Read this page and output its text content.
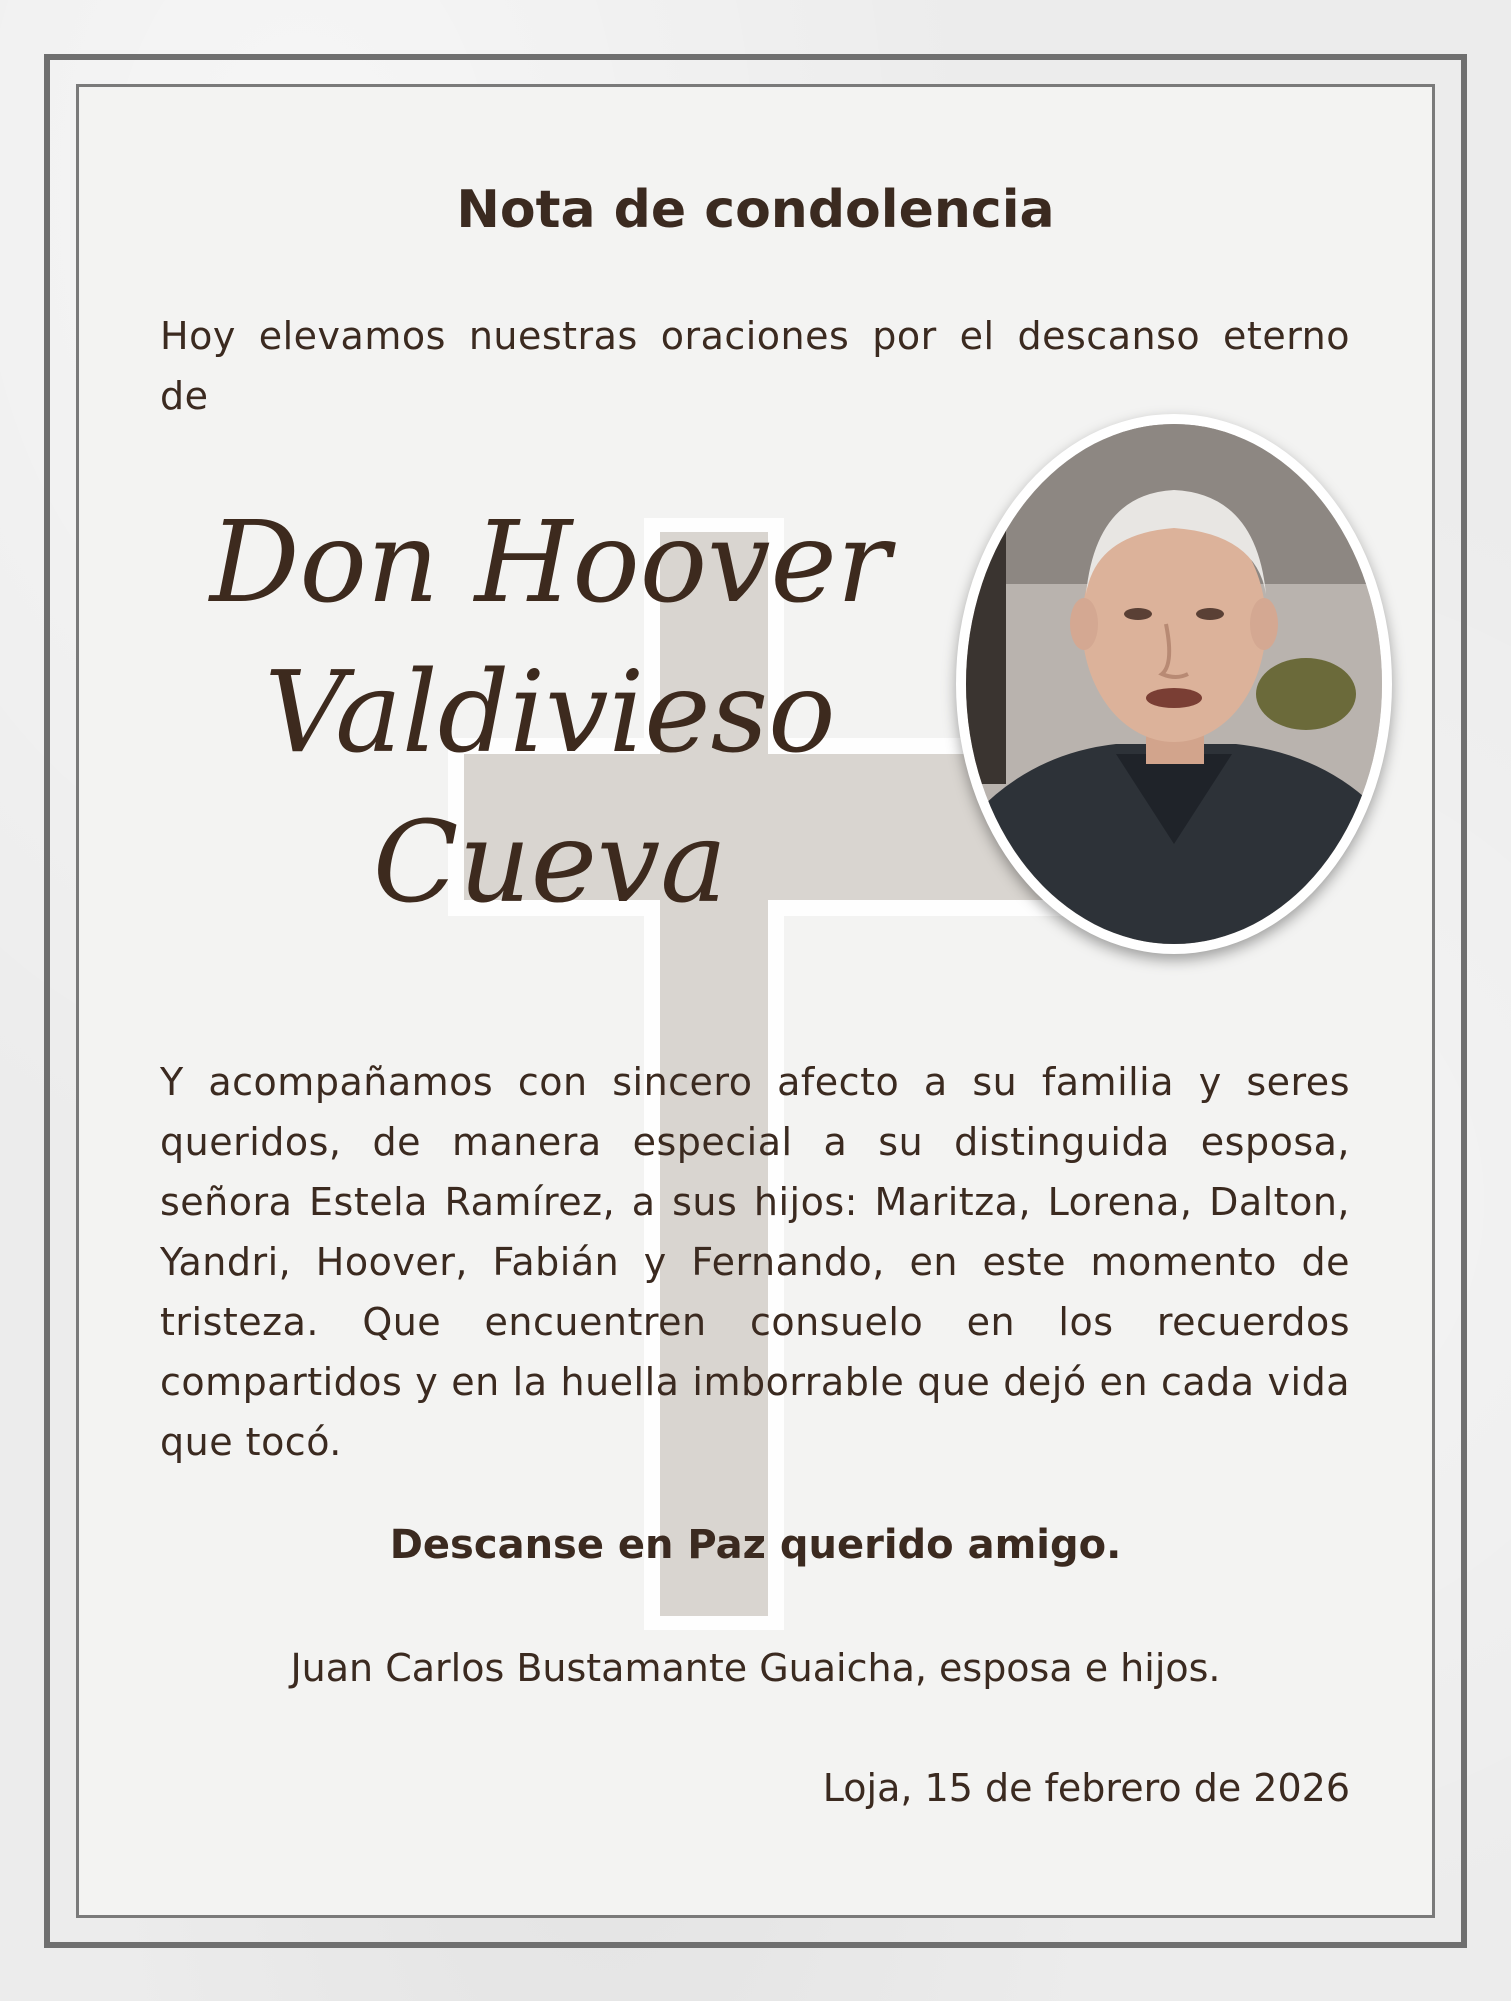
Nota de condolencia

Hoy elevamos nuestras oraciones por el descanso eterno de

Don Hoover
Valdivieso
Cueva

Y acompañamos con sincero afecto a su familia y seres queridos, de manera especial a su distinguida esposa, señora Estela Ramírez, a sus hijos: Maritza, Lorena, Dalton, Yandri, Hoover, Fabián y Fernando, en este momento de tristeza. Que encuentren consuelo en los recuerdos compartidos y en la huella imborrable que dejó en cada vida que tocó.

Descanse en Paz querido amigo.

Juan Carlos Bustamante Guaicha, esposa e hijos.

Loja, 15 de febrero de 2026
